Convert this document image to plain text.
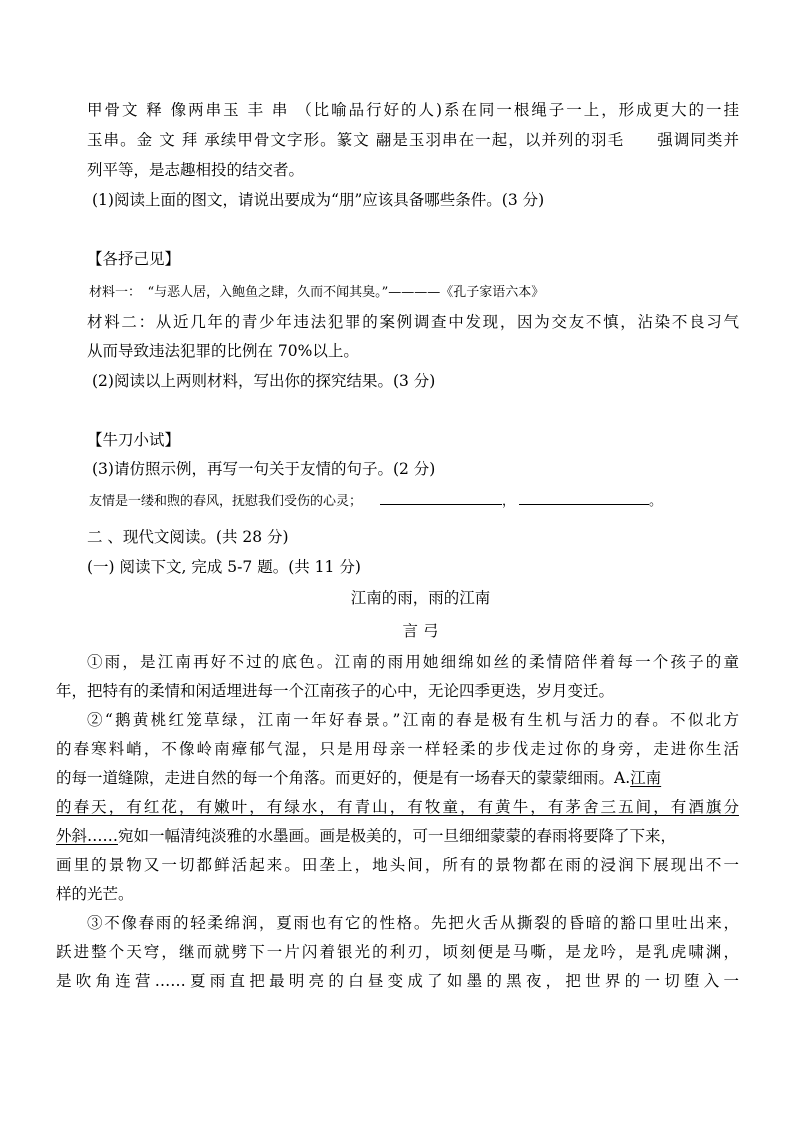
甲骨文 释 像两串玉 丰 串 （比喻品行好的人)系在同一根绳子一上，形成更大的一挂
玉串。金 文 拜 承续甲骨文字形。篆文 翮是玉羽串在一起，以并列的羽毛　　强调同类并
列平等，是志趣相投的结交者。
(1)阅读上面的图文，请说出要成为“朋”应该具备哪些条件。(3 分)
【各抒己见】
材料一：　“与恶人居，入鲍鱼之肆，久而不闻其臭。”————《孔子家语六本》
材料二：从近几年的青少年违法犯罪的案例调查中发现，因为交友不慎，沾染不良习气
从而导致违法犯罪的比例在 70%以上。
(2)阅读以上两则材料，写出你的探究结果。(3 分)
【牛刀小试】
(3)请仿照示例，再写一句关于友情的句子。(2 分)
友情是一缕和煦的春风，抚慰我们受伤的心灵；	，	。
二 、现代文阅读。(共 28 分)
(一) 阅读下文, 完成 5-7 题。(共 11 分)
江南的雨，雨的江南
言 弓
①雨，是江南再好不过的底色。江南的雨用她细绵如丝的柔情陪伴着每一个孩子的童
年，把特有的柔情和闲适埋进每一个江南孩子的心中，无论四季更迭，岁月变迁。
②“鹅黄桃红笼草绿，江南一年好春景。”江南的春是极有生机与活力的春。不似北方
的春寒料峭，不像岭南瘴郁气湿，只是用母亲一样轻柔的步伐走过你的身旁，走进你生活
的每一道缝隙，走进自然的每一个角落。而更好的，便是有一场春天的蒙蒙细雨。A.江南
的春天，有红花，有嫩叶，有绿水，有青山，有牧童，有黄牛，有茅舍三五间，有酒旗分
外斜……宛如一幅清纯淡雅的水墨画。画是极美的，可一旦细细蒙蒙的春雨将要降了下来，
画里的景物又一切都鲜活起来。田垄上，地头间，所有的景物都在雨的浸润下展现出不一
样的光芒。
③不像春雨的轻柔绵润，夏雨也有它的性格。先把火舌从撕裂的昏暗的豁口里吐出来，
跃进整个天穹，继而就劈下一片闪着银光的利刃，顷刻便是马嘶，是龙吟，是乳虎啸渊，
是吹角连营……夏雨直把最明亮的白昼变成了如墨的黑夜，把世界的一切堕入一
